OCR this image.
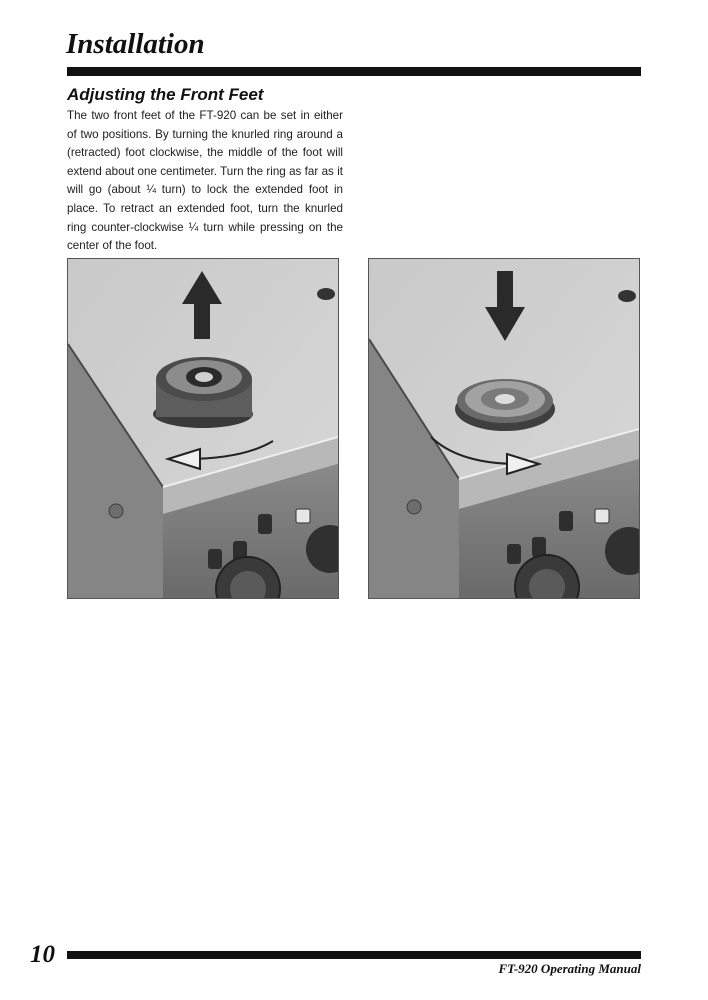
Installation
Adjusting the Front Feet

The two front feet of the FT-920 can be set in either of two positions. By turning the knurled ring around a (retracted) foot clockwise, the middle of the foot will extend about one centimeter. Turn the ring as far as it will go (about ¼ turn) to lock the extended foot in place. To retract an extended foot, turn the knurled ring counter-clockwise ¼ turn while pressing on the center of the foot.

10
FT-920 Operating Manual
